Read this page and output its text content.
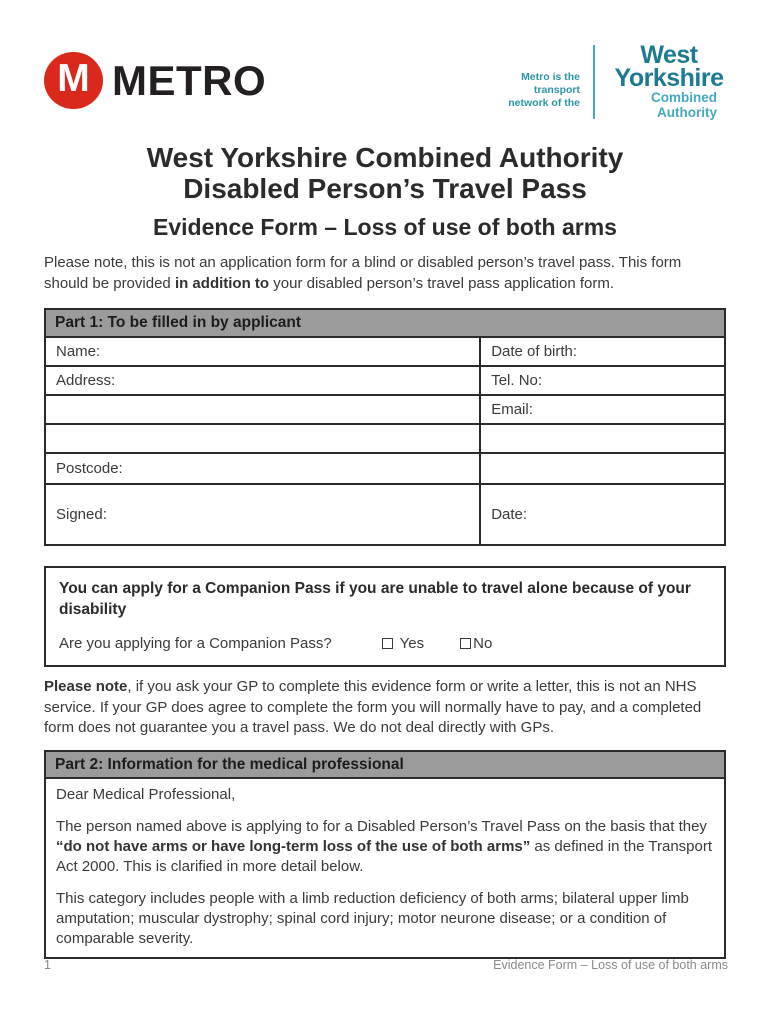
M METRO	Metro is the
transport
network of the
West
Yorkshire
Combined
Authority
West Yorkshire Combined Authority
Disabled Person’s Travel Pass
Evidence Form – Loss of use of both arms

Please note, this is not an application form for a blind or disabled person’s travel pass. This form should be provided in addition to your disabled person’s travel pass application form.

Part 1: To be filled in by applicant	
Name:	Date of birth:
Address:	Tel. No:
	Email:

Postcode:	
Signed:	Date:
You can apply for a Companion Pass if you are unable to travel alone because of your disability
Are you applying for a Companion Pass?	Yes	No

Please note, if you ask your GP to complete this evidence form or write a letter, this is not an NHS service. If your GP does agree to complete the form you will normally have to pay, and a completed form does not guarantee you a travel pass. We do not deal directly with GPs.

Part 2: Information for the medical professional

Dear Medical Professional,

The person named above is applying to for a Disabled Person’s Travel Pass on the basis that they “do not have arms or have long-term loss of the use of both arms” as defined in the Transport Act 2000. This is clarified in more detail below.

This category includes people with a limb reduction deficiency of both arms; bilateral upper limb amputation; muscular dystrophy; spinal cord injury; motor neurone disease; or a condition of comparable severity.

1	Evidence Form – Loss of use of both arms
